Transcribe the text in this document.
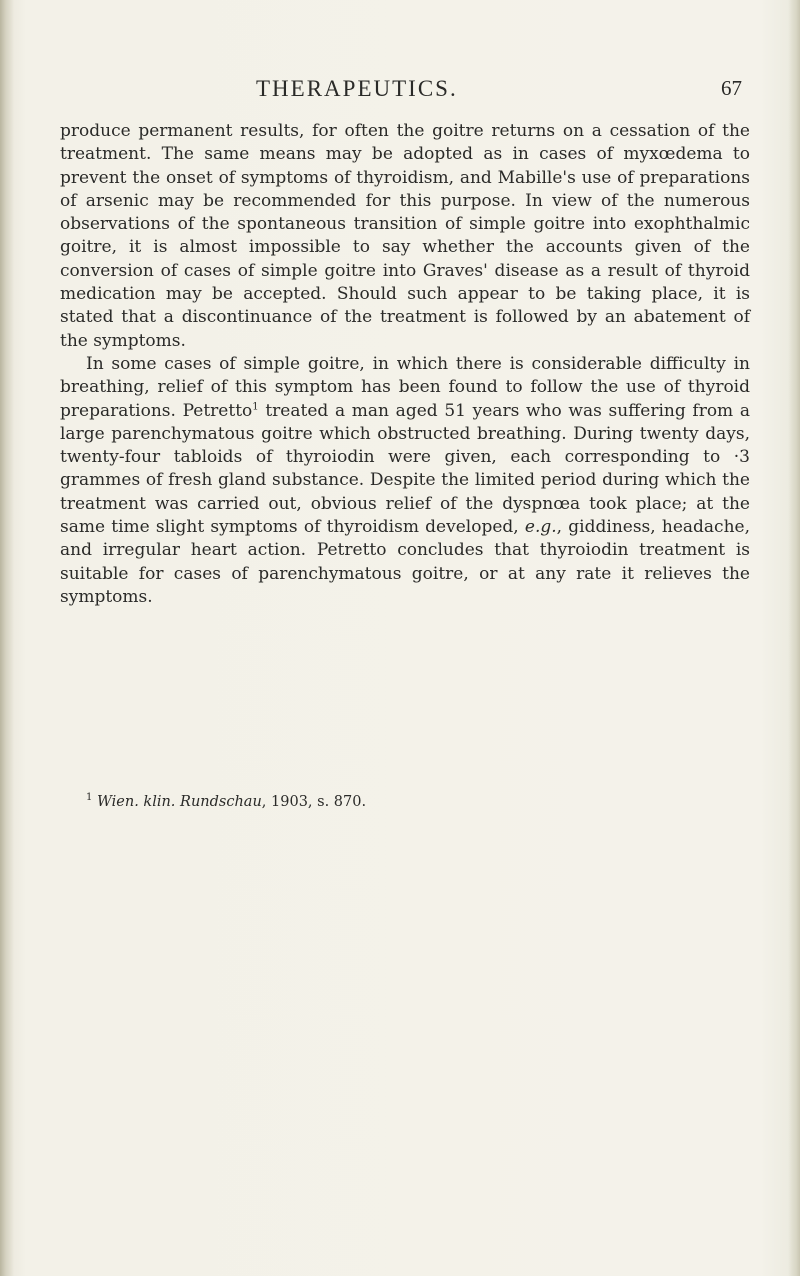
THERAPEUTICS.	67

produce permanent results, for often the goitre returns on a cessation of the treatment. The same means may be adopted as in cases of myxœdema to prevent the onset of symptoms of thyroidism, and Mabille's use of preparations of arsenic may be recommended for this purpose. In view of the numerous observations of the spontaneous transition of simple goitre into exophthalmic goitre, it is almost impossible to say whether the accounts given of the conversion of cases of simple goitre into Graves' disease as a result of thyroid medication may be accepted. Should such appear to be taking place, it is stated that a discontinuance of the treatment is followed by an abatement of the symptoms.

In some cases of simple goitre, in which there is considerable difficulty in breathing, relief of this symptom has been found to follow the use of thyroid preparations. Petretto$^1$ treated a man aged 51 years who was suffering from a large parenchymatous goitre which obstructed breathing. During twenty days, twenty-four tabloids of thyroiodin were given, each corresponding to ·3 grammes of fresh gland substance. Despite the limited period during which the treatment was carried out, obvious relief of the dyspnœa took place; at the same time slight symptoms of thyroidism developed, e.g., giddiness, headache, and irregular heart action. Petretto concludes that thyroiodin treatment is suitable for cases of parenchymatous goitre, or at any rate it relieves the symptoms.

$^1$ Wien. klin. Rundschau, 1903, s. 870.
